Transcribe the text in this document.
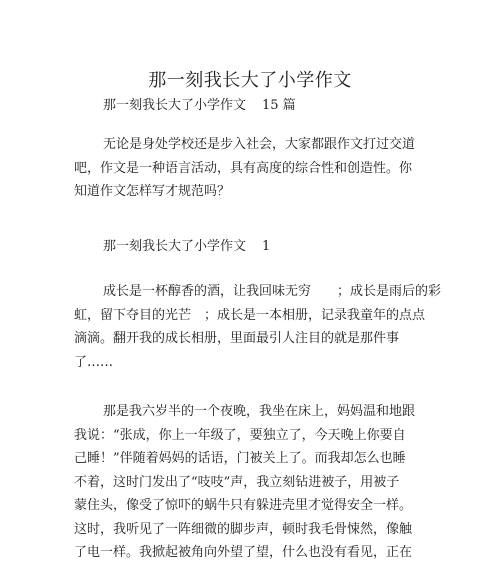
那一刻我长大了小学作文
那一刻我长大了小学作文 15 篇

无论是身处学校还是步入社会，大家都跟作文打过交道
吧，作文是一种语言活动，具有高度的综合性和创造性。你
知道作文怎样写才规范吗？

那一刻我长大了小学作文 1

成长是一杯醇香的酒，让我回味无穷　　；成长是雨后的彩
虹，留下夺目的光芒　；成长是一本相册，记录我童年的点点
滴滴。翻开我的成长相册，里面最引人注目的就是那件事
了……

那是我六岁半的一个夜晚，我坐在床上，妈妈温和地跟
我说：“张成，你上一年级了，要独立了，今天晚上你要自
己睡！”伴随着妈妈的话语，门被关上了。而我却怎么也睡
不着，这时门发出了“吱吱”声，我立刻钻进被子，用被子
蒙住头，像受了惊吓的蜗牛只有躲进壳里才觉得安全一样。
这时，我听见了一阵细微的脚步声，顿时我毛骨悚然，像触
了电一样。我掀起被角向外望了望，什么也没有看见，正在
